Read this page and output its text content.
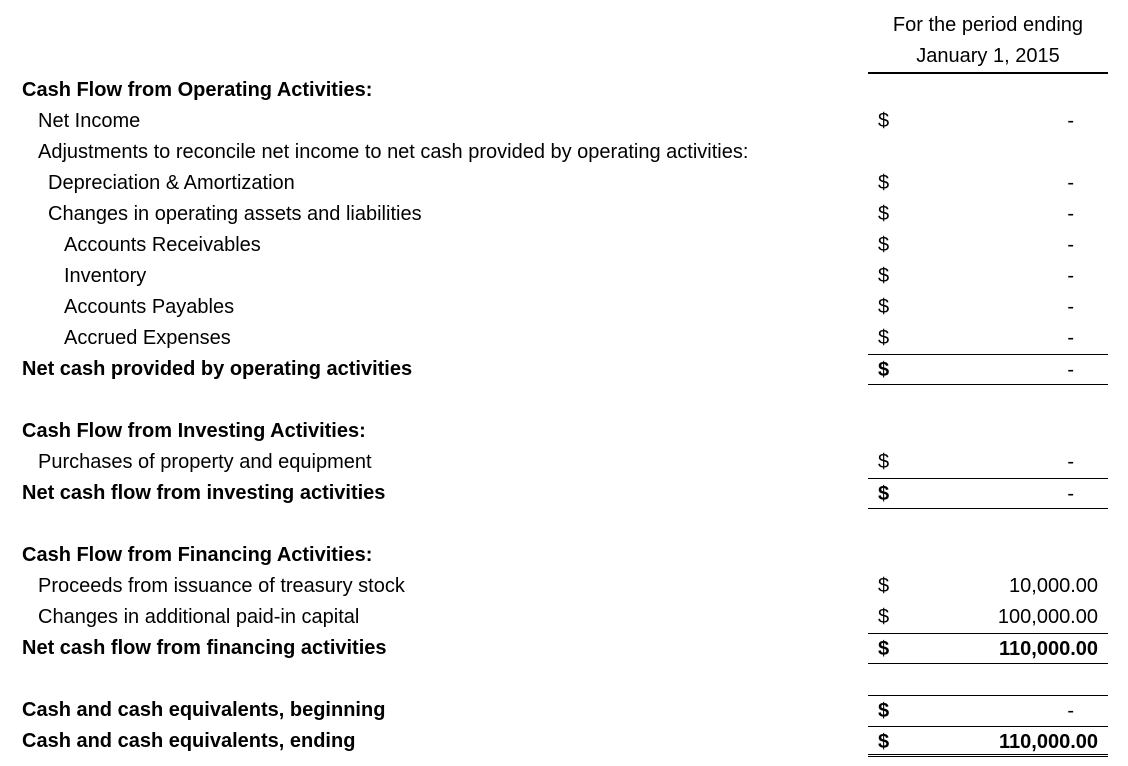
For the period ending
January 1, 2015
Cash Flow from Operating Activities:
Net Income	$	-
Adjustments to reconcile net income to net cash provided by operating activities:
Depreciation & Amortization	$	-
Changes in operating assets and liabilities	$	-
Accounts Receivables	$	-
Inventory	$	-
Accounts Payables	$	-
Accrued Expenses	$	-
Net cash provided by operating activities	$	-
Cash Flow from Investing Activities:
Purchases of property and equipment	$	-
Net cash flow from investing activities	$	-
Cash Flow from Financing Activities:
Proceeds from issuance of treasury stock	$	10,000.00
Changes in additional paid-in capital	$	100,000.00
Net cash flow from financing activities	$	110,000.00
Cash and cash equivalents, beginning	$	-
Cash and cash equivalents, ending	$	110,000.00
